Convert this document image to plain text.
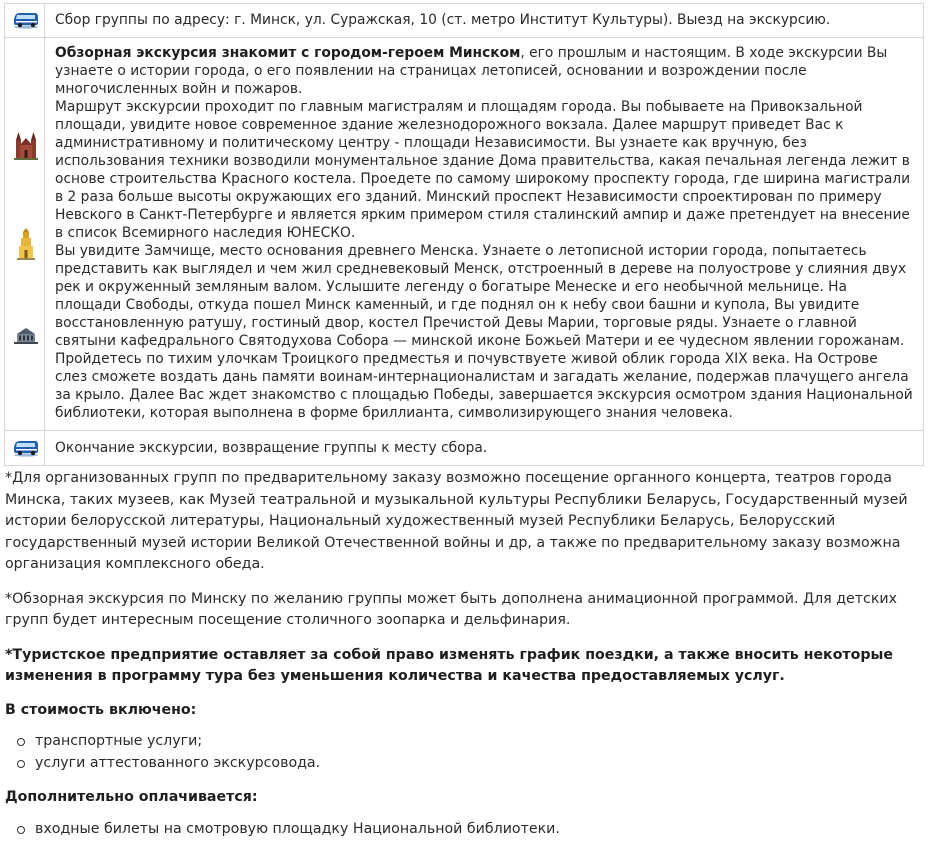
	Сбор группы по адресу: г. Минск, ул. Суражская, 10 (ст. метро Институт Культуры). Выезд на экскурсию.

Обзорная экскурсия знакомит с городом-героем Минском, его прошлым и настоящим. В ходе экскурсии Вы узнаете о истории города, о его появлении на страницах летописей, основании и возрождении после многочисленных войн и пожаров.

Маршрут экскурсии проходит по главным магистралям и площадям города. Вы побываете на Привокзальной площади, увидите новое современное здание железнодорожного вокзала. Далее маршрут приведет Вас к административному и политическому центру - площади Независимости. Вы узнаете как вручную, без использования техники возводили монументальное здание Дома правительства, какая печальная легенда лежит в основе строительства Красного костела. Проедете по самому широкому проспекту города, где ширина магистрали в 2 раза больше высоты окружающих его зданий. Минский проспект Независимости спроектирован по примеру Невского в Санкт-Петербурге и является ярким примером стиля сталинский ампир и даже претендует на внесение в список Всемирного наследия ЮНЕСКО.

Вы увидите Замчище, место основания древнего Менска. Узнаете о летописной истории города, попытаетесь представить как выглядел и чем жил средневековый Менск, отстроенный в дереве на полуострове у слияния двух рек и окруженный земляным валом. Услышите легенду о богатыре Менеске и его необычной мельнице. На площади Свободы, откуда пошел Минск каменный, и где поднял он к небу свои башни и купола, Вы увидите восстановленную ратушу, гостиный двор, костел Пречистой Девы Марии, торговые ряды. Узнаете о главной святыни кафедрального Святодухова Собора — минской иконе Божьей Матери и ее чудесном явлении горожанам. Пройдетесь по тихим улочкам Троицкого предместья и почувствуете живой облик города XIX века. На Острове слез сможете воздать дань памяти воинам-интернационалистам и загадать желание, подержав плачущего ангела за крыло. Далее Вас ждет знакомство с площадью Победы, завершается экскурсия осмотром здания Национальной библиотеки, которая выполнена в форме бриллианта, символизирующего знания человека.

	Окончание экскурсии, возвращение группы к месту сбора.

*Для организованных групп по предварительному заказу возможно посещение органного концерта, театров города Минска, таких музеев, как Музей театральной и музыкальной культуры Республики Беларусь, Государственный музей истории белорусской литературы, Национальный художественный музей Республики Беларусь, Белорусский государственный музей истории Великой Отечественной войны и др, а также по предварительному заказу возможна организация комплексного обеда.

*Обзорная экскурсия по Минску по желанию группы может быть дополнена анимационной программой. Для детских групп будет интересным посещение столичного зоопарка и дельфинария.

*Туристское предприятие оставляет за собой право изменять график поездки, а также вносить некоторые изменения в программу тура без уменьшения количества и качества предоставляемых услуг.

В стоимость включено:
транспортные услуги;
услуги аттестованного экскурсовода.
Дополнительно оплачивается:
входные билеты на смотровую площадку Национальной библиотеки.
